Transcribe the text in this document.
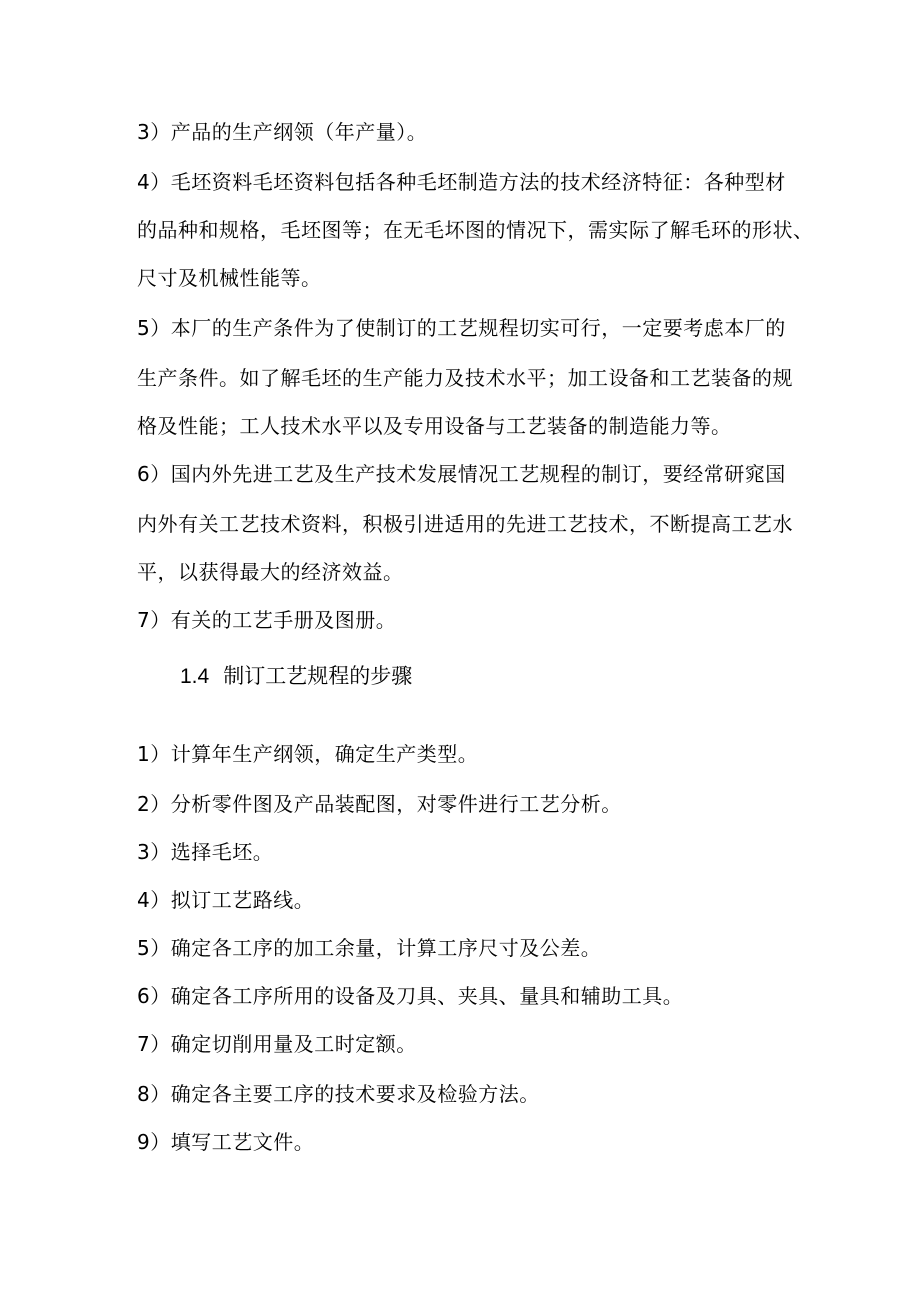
3）产品的生产纲领（年产量）。
4）毛坯资料毛坯资料包括各种毛坯制造方法的技术经济特征：各种型材
的品种和规格，毛坯图等；在无毛坏图的情况下，需实际了解毛环的形状、
尺寸及机械性能等。
5）本厂的生产条件为了使制订的工艺规程切实可行，一定要考虑本厂的
生产条件。如了解毛坯的生产能力及技术水平；加工设备和工艺装备的规
格及性能；工人技术水平以及专用设备与工艺装备的制造能力等。
6）国内外先进工艺及生产技术发展情况工艺规程的制订，要经常研窕国
内外有关工艺技术资料，积极引进适用的先进工艺技术，不断提高工艺水
平，以获得最大的经济效益。
7）有关的工艺手册及图册。
1.4 制订工艺规程的步骤
1）计算年生产纲领，确定生产类型。
2）分析零件图及产品装配图，对零件进行工艺分析。
3）选择毛坯。
4）拟订工艺路线。
5）确定各工序的加工余量，计算工序尺寸及公差。
6）确定各工序所用的设备及刀具、夹具、量具和辅助工具。
7）确定切削用量及工时定额。
8）确定各主要工序的技术要求及检验方法。
9）填写工艺文件。
